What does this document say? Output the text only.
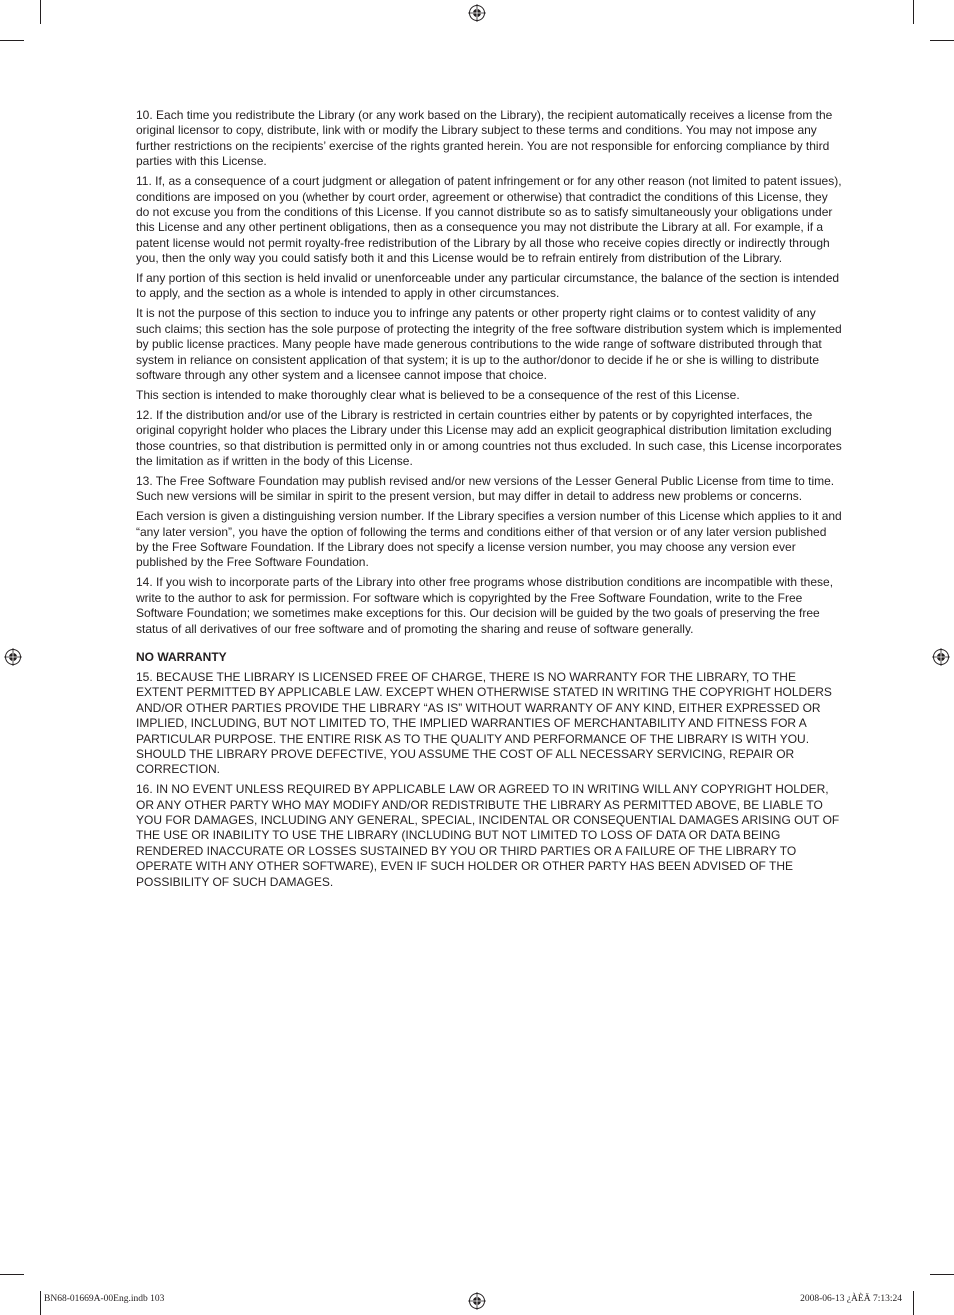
10. Each time you redistribute the Library (or any work based on the Library), the recipient automatically receives a license from the original licensor to copy, distribute, link with or modify the Library subject to these terms and conditions. You may not impose any further restrictions on the recipients’ exercise of the rights granted herein. You are not responsible for enforcing compliance by third parties with this License.

11. If, as a consequence of a court judgment or allegation of patent infringement or for any other reason (not limited to patent issues), conditions are imposed on you (whether by court order, agreement or otherwise) that contradict the conditions of this License, they do not excuse you from the conditions of this License. If you cannot distribute so as to satisfy simultaneously your obligations under this License and any other pertinent obligations, then as a consequence you may not distribute the Library at all. For example, if a patent license would not permit royalty-free redistribution of the Library by all those who receive copies directly or indirectly through you, then the only way you could satisfy both it and this License would be to refrain entirely from distribution of the Library.

If any portion of this section is held invalid or unenforceable under any particular circumstance, the balance of the section is intended to apply, and the section as a whole is intended to apply in other circumstances.

It is not the purpose of this section to induce you to infringe any patents or other property right claims or to contest validity of any such claims; this section has the sole purpose of protecting the integrity of the free software distribution system which is implemented by public license practices. Many people have made generous contributions to the wide range of software distributed through that system in reliance on consistent application of that system; it is up to the author/donor to decide if he or she is willing to distribute software through any other system and a licensee cannot impose that choice.

This section is intended to make thoroughly clear what is believed to be a consequence of the rest of this License.

12. If the distribution and/or use of the Library is restricted in certain countries either by patents or by copyrighted interfaces, the original copyright holder who places the Library under this License may add an explicit geographical distribution limitation excluding those countries, so that distribution is permitted only in or among countries not thus excluded. In such case, this License incorporates the limitation as if written in the body of this License.

13. The Free Software Foundation may publish revised and/or new versions of the Lesser General Public License from time to time. Such new versions will be similar in spirit to the present version, but may differ in detail to address new problems or concerns.

Each version is given a distinguishing version number. If the Library specifies a version number of this License which applies to it and “any later version”, you have the option of following the terms and conditions either of that version or of any later version published by the Free Software Foundation. If the Library does not specify a license version number, you may choose any version ever published by the Free Software Foundation.

14. If you wish to incorporate parts of the Library into other free programs whose distribution conditions are incompatible with these, write to the author to ask for permission. For software which is copyrighted by the Free Software Foundation, write to the Free Software Foundation; we sometimes make exceptions for this. Our decision will be guided by the two goals of preserving the free status of all derivatives of our free software and of promoting the sharing and reuse of software generally.

NO WARRANTY

15. BECAUSE THE LIBRARY IS LICENSED FREE OF CHARGE, THERE IS NO WARRANTY FOR THE LIBRARY, TO THE EXTENT PERMITTED BY APPLICABLE LAW. EXCEPT WHEN OTHERWISE STATED IN WRITING THE COPYRIGHT HOLDERS AND/OR OTHER PARTIES PROVIDE THE LIBRARY “AS IS” WITHOUT WARRANTY OF ANY KIND, EITHER EXPRESSED OR IMPLIED, INCLUDING, BUT NOT LIMITED TO, THE IMPLIED WARRANTIES OF MERCHANTABILITY AND FITNESS FOR A PARTICULAR PURPOSE. THE ENTIRE RISK AS TO THE QUALITY AND PERFORMANCE OF THE LIBRARY IS WITH YOU. SHOULD THE LIBRARY PROVE DEFECTIVE, YOU ASSUME THE COST OF ALL NECESSARY SERVICING, REPAIR OR CORRECTION.

16. IN NO EVENT UNLESS REQUIRED BY APPLICABLE LAW OR AGREED TO IN WRITING WILL ANY COPYRIGHT HOLDER, OR ANY OTHER PARTY WHO MAY MODIFY AND/OR REDISTRIBUTE THE LIBRARY AS PERMITTED ABOVE, BE LIABLE TO YOU FOR DAMAGES, INCLUDING ANY GENERAL, SPECIAL, INCIDENTAL OR CONSEQUENTIAL DAMAGES ARISING OUT OF THE USE OR INABILITY TO USE THE LIBRARY (INCLUDING BUT NOT LIMITED TO LOSS OF DATA OR DATA BEING RENDERED INACCURATE OR LOSSES SUSTAINED BY YOU OR THIRD PARTIES OR A FAILURE OF THE LIBRARY TO OPERATE WITH ANY OTHER SOFTWARE), EVEN IF SUCH HOLDER OR OTHER PARTY HAS BEEN ADVISED OF THE POSSIBILITY OF SUCH DAMAGES.

BN68-01669A-00Eng.indb 103	2008-06-13 ¿ÀÈÄ 7:13:24
